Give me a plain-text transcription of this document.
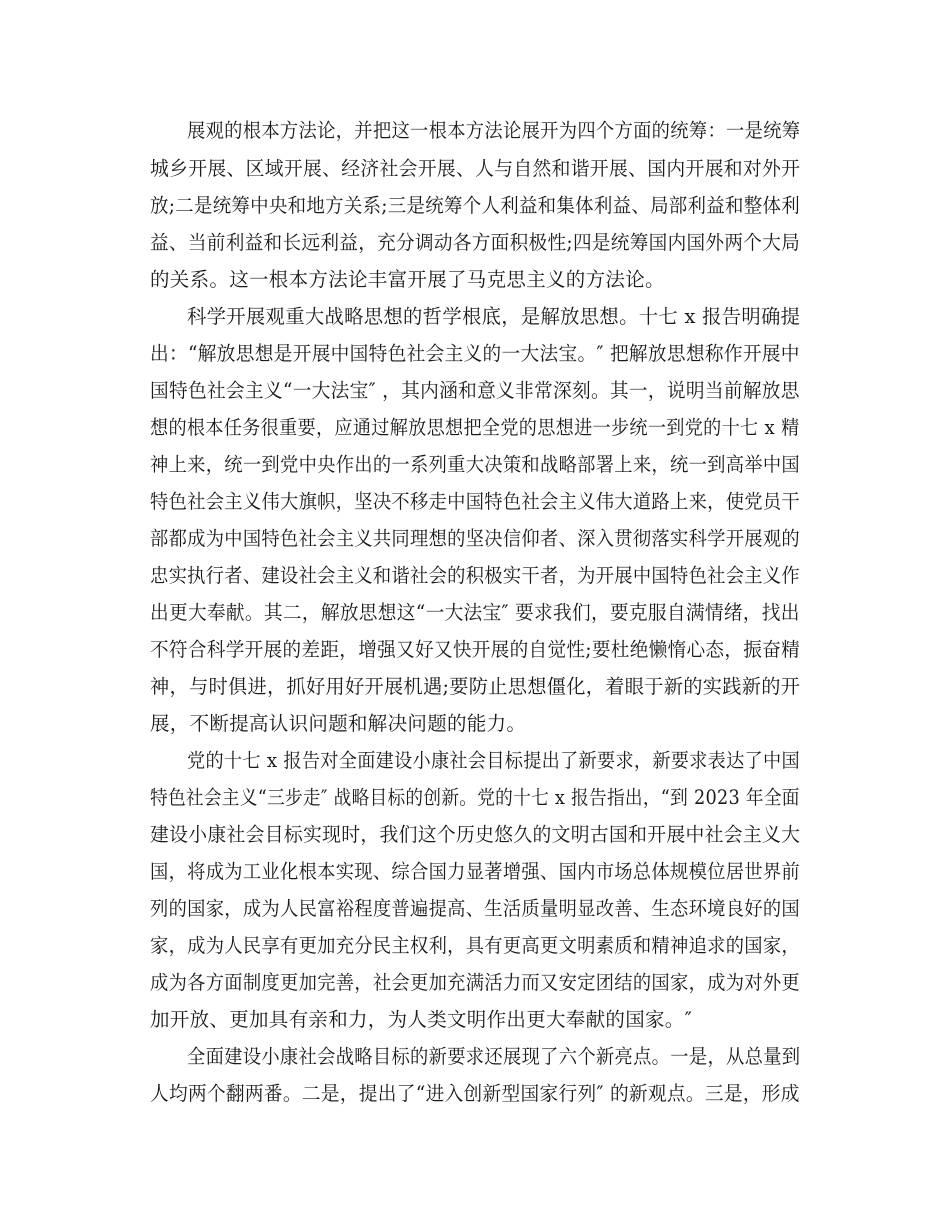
展观的根本方法论，并把这一根本方法论展开为四个方面的统筹：一是统筹

城乡开展、区域开展、经济社会开展、人与自然和谐开展、国内开展和对外开

放;二是统筹中央和地方关系;三是统筹个人利益和集体利益、局部利益和整体利

益、当前利益和长远利益，充分调动各方面积极性;四是统筹国内国外两个大局

的关系。这一根本方法论丰富开展了马克思主义的方法论。

科学开展观重大战略思想的哲学根底，是解放思想。十七 x 报告明确提

出：“解放思想是开展中国特色社会主义的一大法宝。″ 把解放思想称作开展中

国特色社会主义“一大法宝″ ，其内涵和意义非常深刻。其一，说明当前解放思

想的根本任务很重要，应通过解放思想把全党的思想进一步统一到党的十七 x 精

神上来，统一到党中央作出的一系列重大决策和战略部署上来，统一到高举中国

特色社会主义伟大旗帜，坚决不移走中国特色社会主义伟大道路上来，使党员干

部都成为中国特色社会主义共同理想的坚决信仰者、深入贯彻落实科学开展观的

忠实执行者、建设社会主义和谐社会的积极实干者，为开展中国特色社会主义作

出更大奉献。其二，解放思想这“一大法宝″ 要求我们，要克服自满情绪，找出

不符合科学开展的差距，增强又好又快开展的自觉性;要杜绝懒惰心态，振奋精

神，与时俱进，抓好用好开展机遇;要防止思想僵化，着眼于新的实践新的开

展，不断提高认识问题和解决问题的能力。

党的十七 x 报告对全面建设小康社会目标提出了新要求，新要求表达了中国

特色社会主义“三步走″ 战略目标的创新。党的十七 x 报告指出，“到 2023 年全面

建设小康社会目标实现时，我们这个历史悠久的文明古国和开展中社会主义大

国，将成为工业化根本实现、综合国力显著增强、国内市场总体规模位居世界前

列的国家，成为人民富裕程度普遍提高、生活质量明显改善、生态环境良好的国

家，成为人民享有更加充分民主权利，具有更高更文明素质和精神追求的国家，

成为各方面制度更加完善，社会更加充满活力而又安定团结的国家，成为对外更

加开放、更加具有亲和力，为人类文明作出更大奉献的国家。″

全面建设小康社会战略目标的新要求还展现了六个新亮点。一是，从总量到

人均两个翻两番。二是，提出了“进入创新型国家行列″ 的新观点。三是，形成
